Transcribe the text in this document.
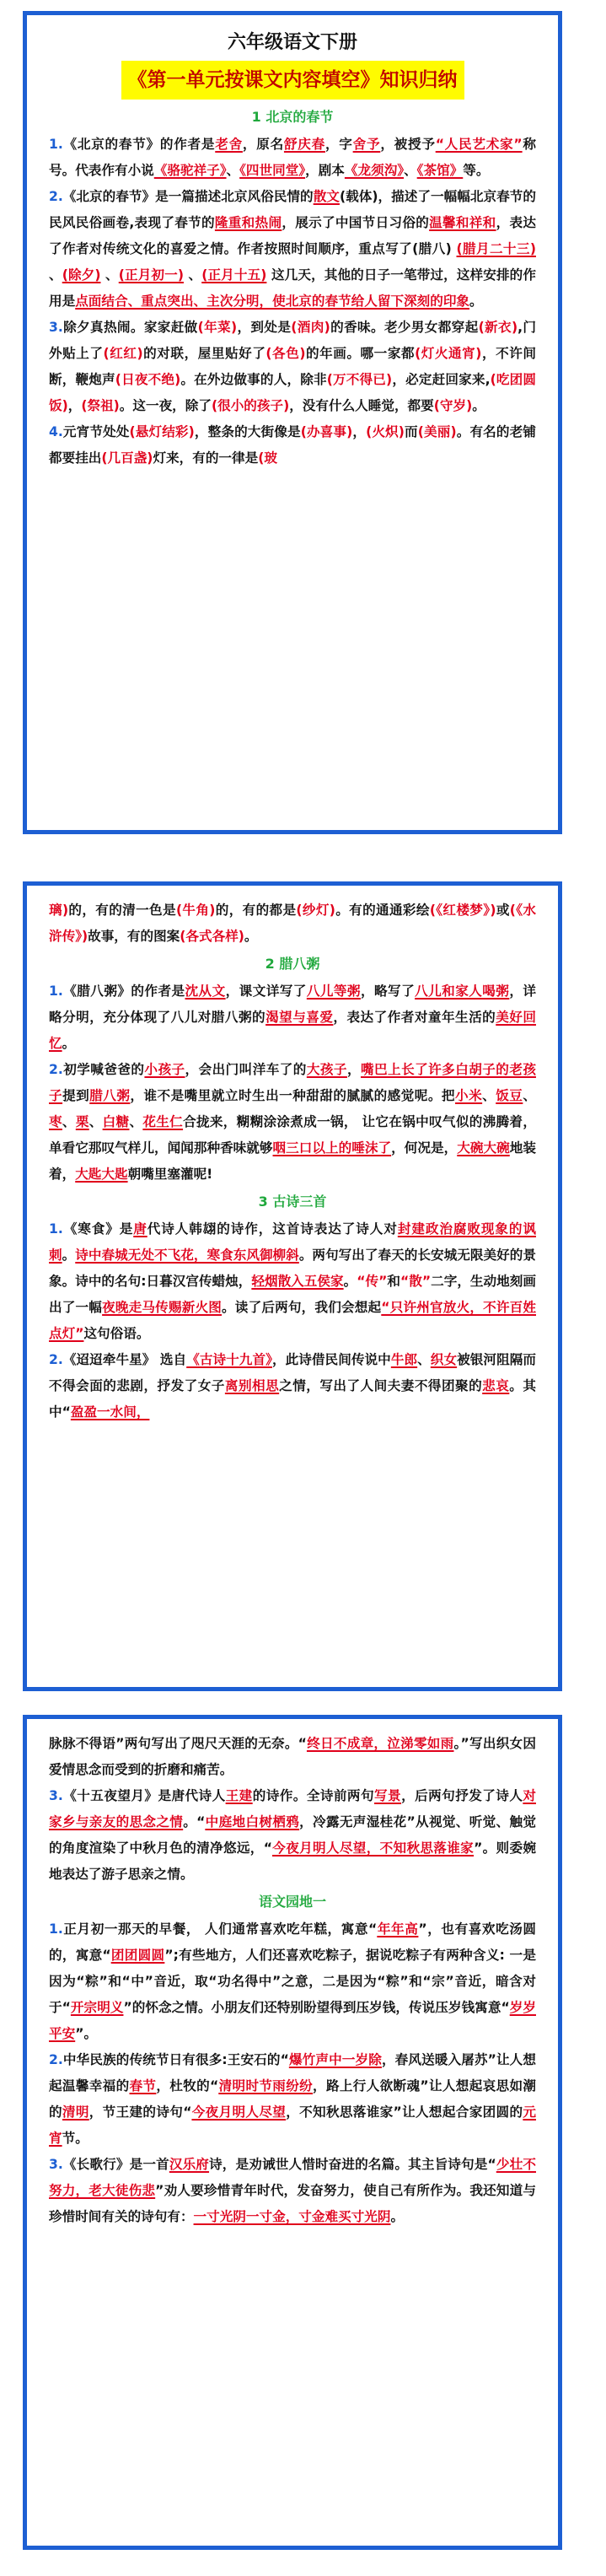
六年级语文下册
《第一单元按课文内容填空》知识归纳
1 北京的春节

1.《北京的春节》的作者是老舍，原名舒庆春，字舍予，被授予“人民艺术家”称号。代表作有小说《骆驼祥子》、《四世同堂》，剧本《龙须沟》、《茶馆》等。

2.《北京的春节》是一篇描述北京风俗民情的散文(载体)，描述了一幅幅北京春节的民风民俗画卷,表现了春节的隆重和热闹，展示了中国节日习俗的温馨和祥和，表达了作者对传统文化的喜爱之情。作者按照时间顺序，重点写了(腊八) (腊月二十三) 、(除夕) 、(正月初一) 、(正月十五) 这几天，其他的日子一笔带过，这样安排的作用是点面结合、重点突出、主次分明，使北京的春节给人留下深刻的印象。

3.除夕真热闹。家家赶做(年菜)，到处是(酒肉)的香味。老少男女都穿起(新衣),门外贴上了(红红)的对联，屋里贴好了(各色)的年画。哪一家都(灯火通宵)，不许间断，鞭炮声(日夜不绝)。在外边做事的人，除非(万不得已)，必定赶回家来,(吃团圆饭)，(祭祖)。这一夜，除了(很小的孩子)，没有什么人睡觉，都要(守岁)。

4.元宵节处处(悬灯结彩)，整条的大街像是(办喜事)，(火炽)而(美丽)。有名的老铺都要挂出(几百盏)灯来，有的一律是(玻

璃)的，有的清一色是(牛角)的，有的都是(纱灯)。有的通通彩绘(《红楼梦》)或(《水浒传》)故事，有的图案(各式各样)。

2 腊八粥

1.《腊八粥》的作者是沈从文，课文详写了八儿等粥，略写了八儿和家人喝粥，详略分明，充分体现了八儿对腊八粥的渴望与喜爱，表达了作者对童年生活的美好回忆。

2.初学喊爸爸的小孩子，会出门叫洋车了的大孩子，嘴巴上长了许多白胡子的老孩子提到腊八粥，谁不是嘴里就立时生出一种甜甜的腻腻的感觉呢。把小米、饭豆、枣、栗、白糖、花生仁合拢来，糊糊涂涂煮成一锅， 让它在锅中叹气似的沸腾着，单看它那叹气样儿，闻闻那种香味就够咽三口以上的唾沫了，何况是，大碗大碗地装着，大匙大匙朝嘴里塞灌呢!

3 古诗三首

1.《寒食》是唐代诗人韩翃的诗作，这首诗表达了诗人对封建政治腐败现象的讽刺。诗中春城无处不飞花，寒食东风御柳斜。两句写出了春天的长安城无限美好的景象。诗中的名句:日暮汉宫传蜡烛，轻烟散入五侯家。“传”和“散”二字，生动地刻画出了一幅夜晚走马传赐新火图。读了后两句，我们会想起“只许州官放火，不许百姓点灯”这句俗语。

2.《迢迢牵牛星》 选自《古诗十九首》，此诗借民间传说中牛郎、织女被银河阻隔而不得会面的悲剧，抒发了女子离别相思之情，写出了人间夫妻不得团聚的悲哀。其中“盈盈一水间，

脉脉不得语”两句写出了咫尺天涯的无奈。“终日不成章，泣涕零如雨。”写出织女因爱情思念而受到的折磨和痛苦。

3.《十五夜望月》是唐代诗人王建的诗作。全诗前两句写景，后两句抒发了诗人对家乡与亲友的思念之情。“中庭地白树栖鸦，冷露无声湿桂花”从视觉、听觉、触觉的角度渲染了中秋月色的清净悠远，“今夜月明人尽望，不知秋思落谁家”。则委婉地表达了游子思亲之情。

语文园地一

1.正月初一那天的早餐， 人们通常喜欢吃年糕，寓意“年年高”，也有喜欢吃汤圆的，寓意“团团圆圆”;有些地方，人们还喜欢吃粽子，据说吃粽子有两种含义: 一是因为“粽”和“中”音近，取“功名得中”之意，二是因为“粽”和“宗”音近，暗含对于“开宗明义”的怀念之情。小朋友们还特别盼望得到压岁钱，传说压岁钱寓意“岁岁平安”。

2.中华民族的传统节日有很多:王安石的“爆竹声中一岁除，春风送暖入屠苏”让人想起温馨幸福的春节，杜牧的“清明时节雨纷纷，路上行人欲断魂”让人想起哀思如潮的清明，节王建的诗句“今夜月明人尽望，不知秋思落谁家”让人想起合家团圆的元宵节。

3.《长歌行》是一首汉乐府诗，是劝诫世人惜时奋进的名篇。其主旨诗句是“少壮不努力，老大徒伤悲”劝人要珍惜青年时代，发奋努力，使自己有所作为。我还知道与珍惜时间有关的诗句有：一寸光阴一寸金，寸金难买寸光阴。
